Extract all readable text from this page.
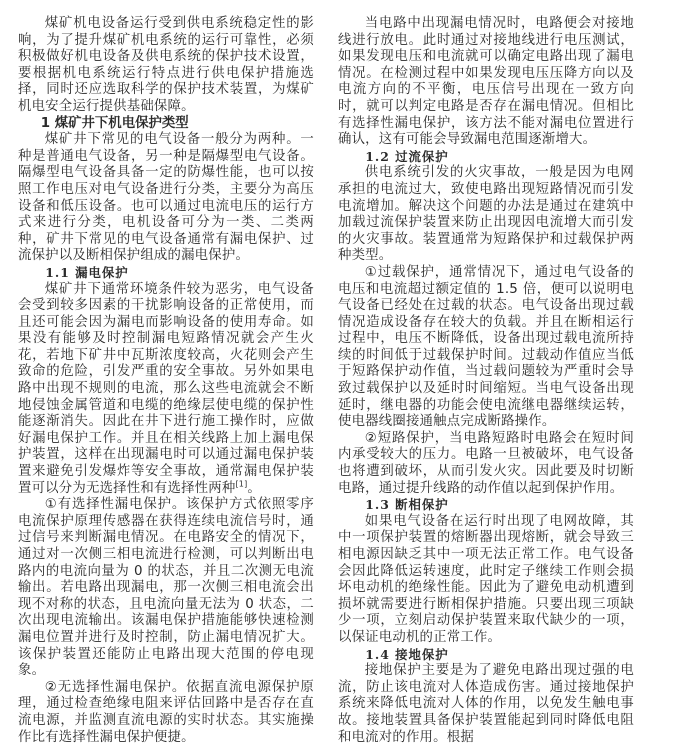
煤矿机电设备运行受到供电系统稳定性的影响，为了提升煤矿机电系统的运行可靠性，必须积极做好机电设备及供电系统的保护技术设置，要根据机电系统运行特点进行供电保护措施选择，同时还应选取科学的保护技术装置，为煤矿机电安全运行提供基础保障。

1 煤矿井下机电保护类型

煤矿井下常见的电气设备一般分为两种。一种是普通电气设备，另一种是隔爆型电气设备。隔爆型电气设备具备一定的防爆性能，也可以按照工作电压对电气设备进行分类，主要分为高压设备和低压设备。也可以通过电流电压的运行方式来进行分类，电机设备可分为一类、二类两种，矿井下常见的电气设备通常有漏电保护、过流保护以及断相保护组成的漏电保护。

1.1 漏电保护

煤矿井下通常环境条件较为恶劣，电气设备会受到较多因素的干扰影响设备的正常使用，而且还可能会因为漏电而影响设备的使用寿命。如果没有能够及时控制漏电短路情况就会产生火花，若地下矿井中瓦斯浓度较高，火花则会产生致命的危险，引发严重的安全事故。另外如果电路中出现不规则的电流，那么这些电流就会不断地侵蚀金属管道和电缆的绝缘层使电缆的保护性能逐渐消失。因此在井下进行施工操作时，应做好漏电保护工作。并且在相关线路上加上漏电保护装置，这样在出现漏电时可以通过漏电保护装置来避免引发爆炸等安全事故，通常漏电保护装置可以分为无选择性和有选择性两种[1]。

①有选择性漏电保护。该保护方式依照零序电流保护原理传感器在获得连续电流信号时，通过信号来判断漏电情况。在电路安全的情况下，通过对一次侧三相电流进行检测，可以判断出电路内的电流向量为 0 的状态，并且二次测无电流输出。若电路出现漏电，那一次侧三相电流会出现不对称的状态，且电流向量无法为 0 状态，二次出现电流输出。该漏电保护措施能够快速检测漏电位置并进行及时控制，防止漏电情况扩大。该保护装置还能防止电路出现大范围的停电现象。

②无选择性漏电保护。依据直流电源保护原理，通过检查绝缘电阻来评估回路中是否存在直流电源，并监测直流电源的实时状态。其实施操作比有选择性漏电保护便捷。

当电路中出现漏电情况时，电路便会对接地线进行放电。此时通过对接地线进行电压测试，如果发现电压和电流就可以确定电路出现了漏电情况。在检测过程中如果发现电压压降方向以及电流方向的不平衡，电压信号出现在一致方向时，就可以判定电路是否存在漏电情况。但相比有选择性漏电保护，该方法不能对漏电位置进行确认，这有可能会导致漏电范围逐渐增大。

1.2 过流保护

供电系统引发的火灾事故，一般是因为电网承担的电流过大，致使电路出现短路情况而引发电流增加。解决这个问题的办法是通过在建筑中加载过流保护装置来防止出现因电流增大而引发的火灾事故。装置通常为短路保护和过载保护两种类型。

①过载保护，通常情况下，通过电气设备的电压和电流超过额定值的 1.5 倍，便可以说明电气设备已经处在过载的状态。电气设备出现过载情况造成设备存在较大的负载。并且在断相运行过程中，电压不断降低，设备出现过载电流所持续的时间低于过载保护时间。过载动作值应当低于短路保护动作值，当过载问题较为严重时会导致过载保护以及延时时间缩短。当电气设备出现延时，继电器的功能会使电流继电器继续运转，使电器线圈接通触点完成断路操作。

②短路保护，当电路短路时电路会在短时间内承受较大的压力。电路一旦被破坏，电气设备也将遭到破坏，从而引发火灾。因此要及时切断电路，通过提升线路的动作值以起到保护作用。

1.3 断相保护

如果电气设备在运行时出现了电网故障，其中一项保护装置的熔断器出现熔断，就会导致三相电源因缺乏其中一项无法正常工作。电气设备会因此降低运转速度，此时定子继续工作则会损坏电动机的绝缘性能。因此为了避免电动机遭到损坏就需要进行断相保护措施。只要出现三项缺少一项，立刻启动保护装置来取代缺少的一项，以保证电动机的正常工作。

1.4 接地保护

接地保护主要是为了避免电路出现过强的电流，防止该电流对人体造成伤害。通过接地保护系统来降低电流对人体的作用，以免发生触电事故。接地装置具备保护装置能起到同时降低电阻和电流对的作用。根据
